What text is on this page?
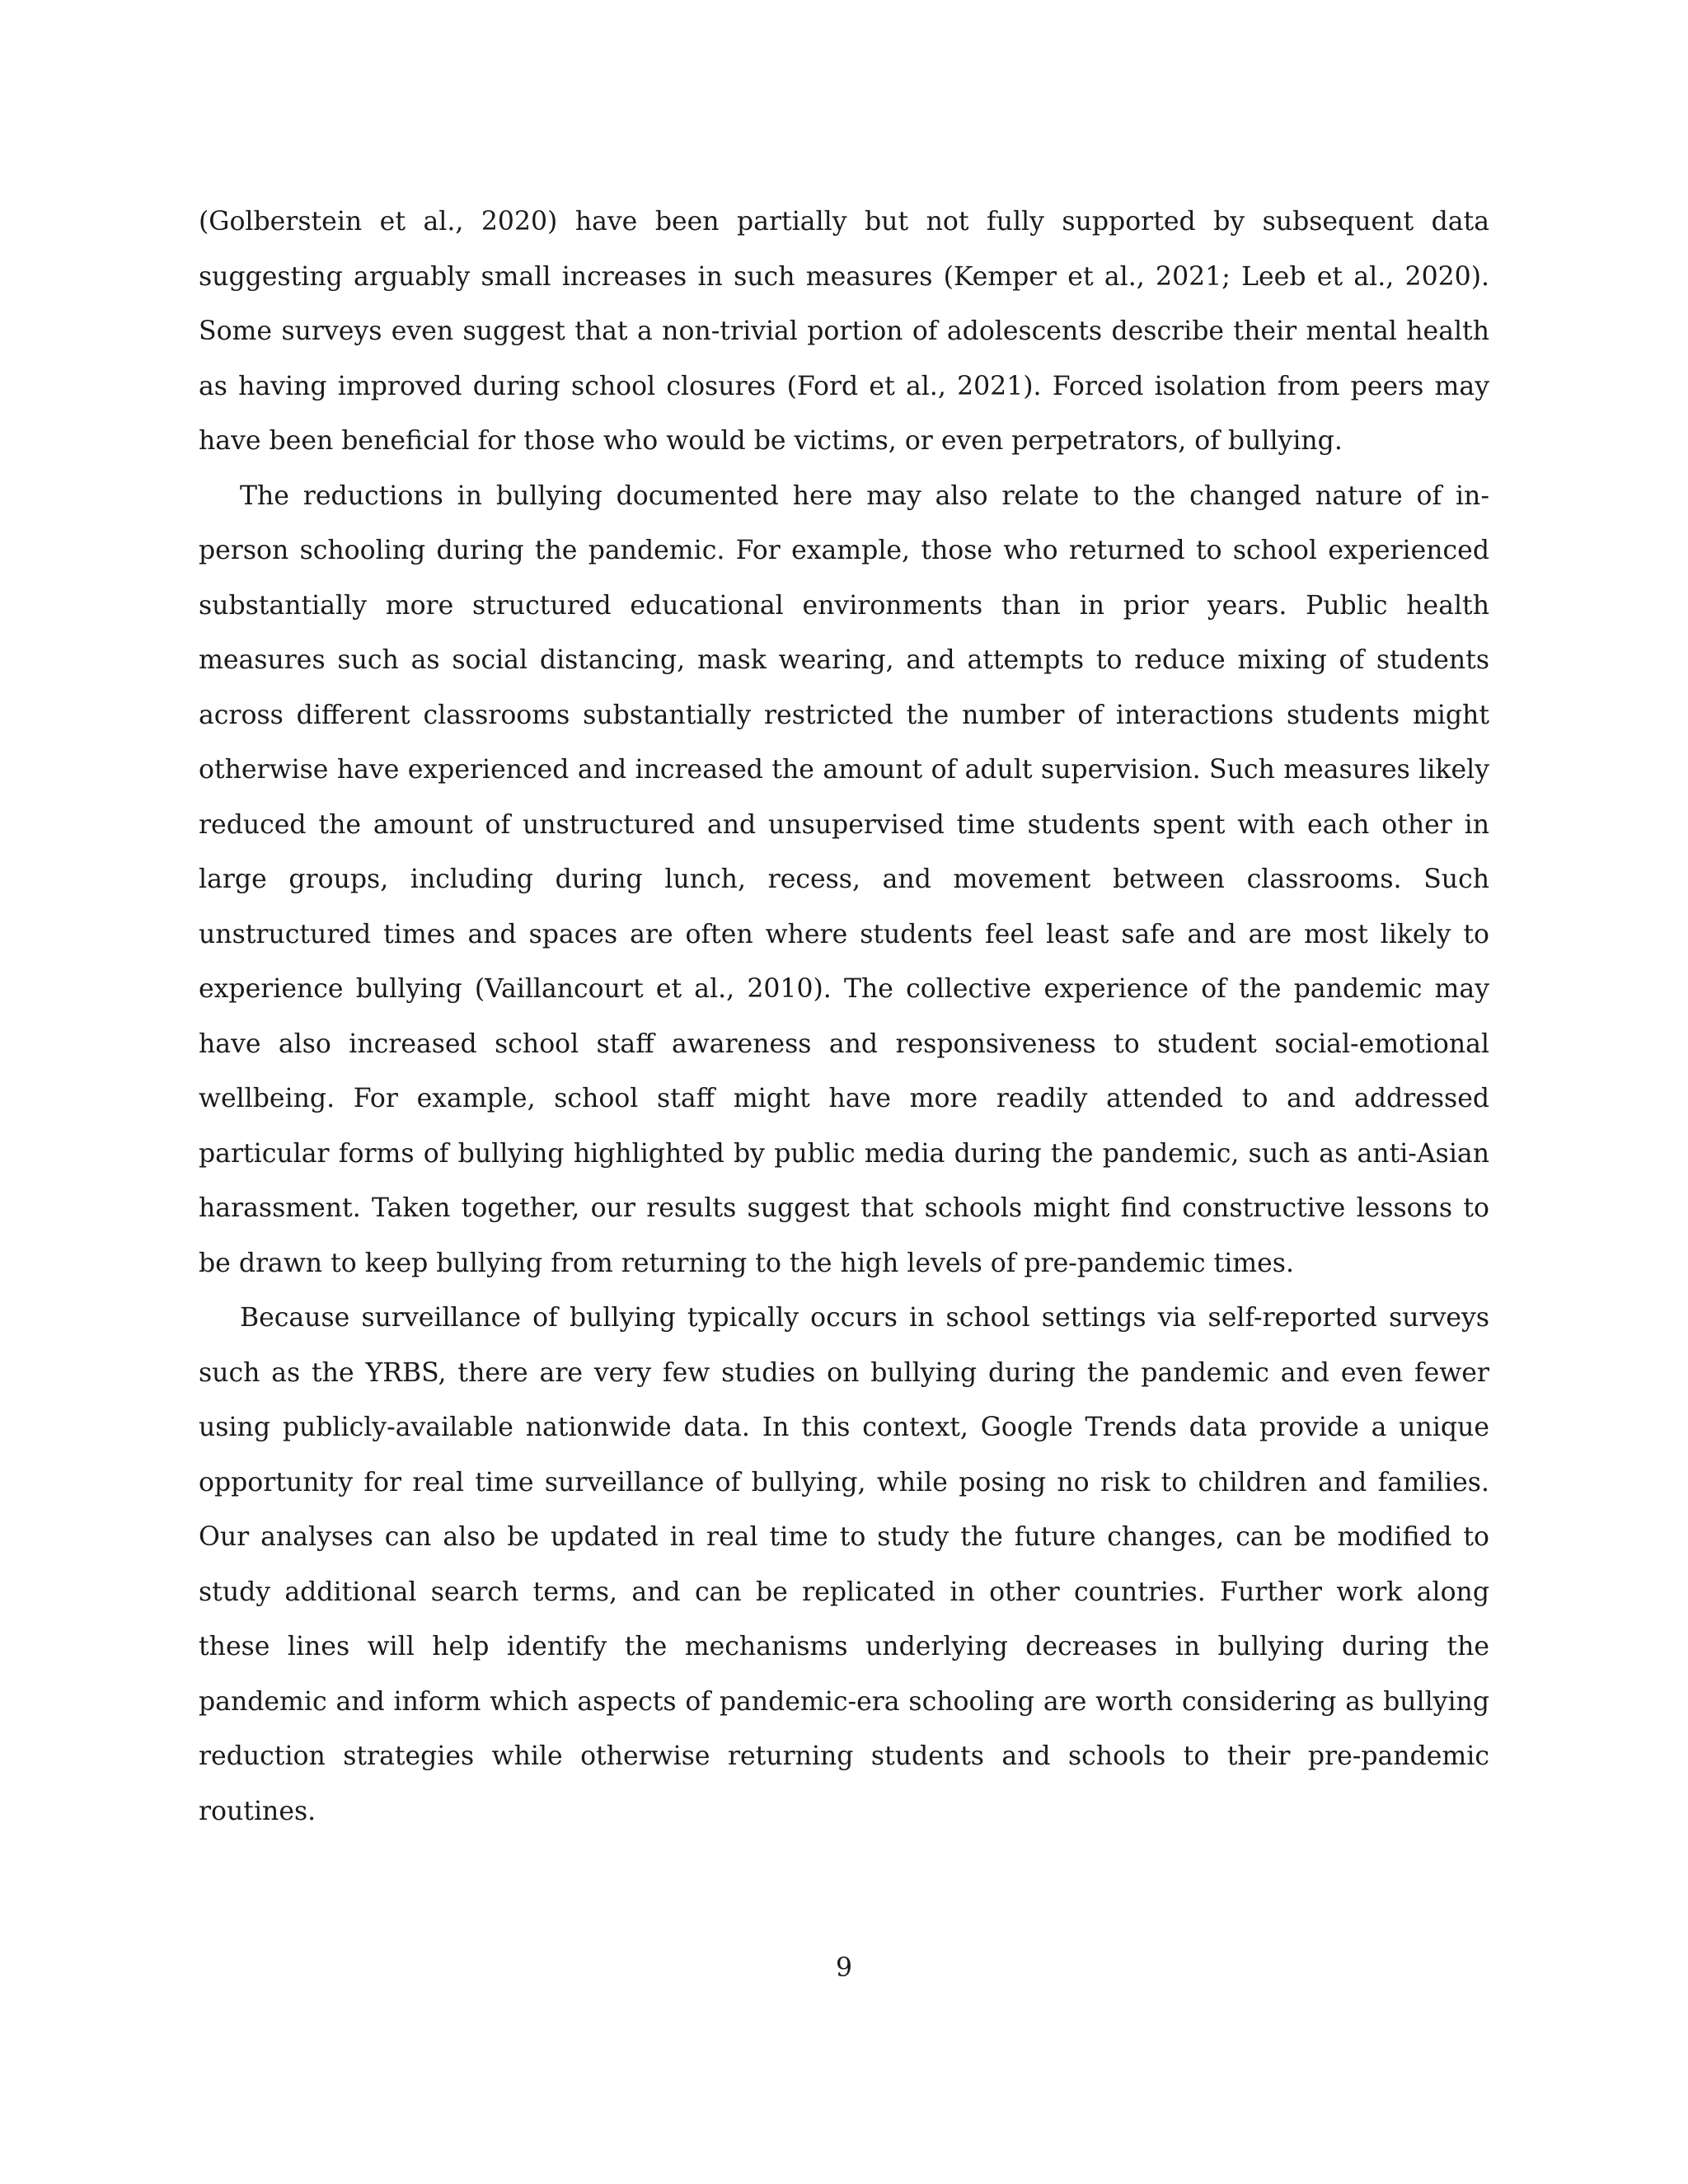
(Golberstein et al., 2020) have been partially but not fully supported by subsequent data suggesting arguably small increases in such measures (Kemper et al., 2021; Leeb et al., 2020). Some surveys even suggest that a non-trivial portion of adolescents describe their mental health as having improved during school closures (Ford et al., 2021). Forced isolation from peers may have been beneficial for those who would be victims, or even perpetrators, of bullying.

The reductions in bullying documented here may also relate to the changed nature of in-person schooling during the pandemic. For example, those who returned to school experienced substantially more structured educational environments than in prior years. Public health measures such as social distancing, mask wearing, and attempts to reduce mixing of students across different classrooms substantially restricted the number of interactions students might otherwise have experienced and increased the amount of adult supervision. Such measures likely reduced the amount of unstructured and unsupervised time students spent with each other in large groups, including during lunch, recess, and movement between classrooms. Such unstructured times and spaces are often where students feel least safe and are most likely to experience bullying (Vaillancourt et al., 2010). The collective experience of the pandemic may have also increased school staff awareness and responsiveness to student social-emotional wellbeing. For example, school staff might have more readily attended to and addressed particular forms of bullying highlighted by public media during the pandemic, such as anti-Asian harassment. Taken together, our results suggest that schools might find constructive lessons to be drawn to keep bullying from returning to the high levels of pre-pandemic times.

Because surveillance of bullying typically occurs in school settings via self-reported surveys such as the YRBS, there are very few studies on bullying during the pandemic and even fewer using publicly-available nationwide data. In this context, Google Trends data provide a unique opportunity for real time surveillance of bullying, while posing no risk to children and families. Our analyses can also be updated in real time to study the future changes, can be modified to study additional search terms, and can be replicated in other countries. Further work along these lines will help identify the mechanisms underlying decreases in bullying during the pandemic and inform which aspects of pandemic-era schooling are worth considering as bullying reduction strategies while otherwise returning students and schools to their pre-pandemic routines.

9
